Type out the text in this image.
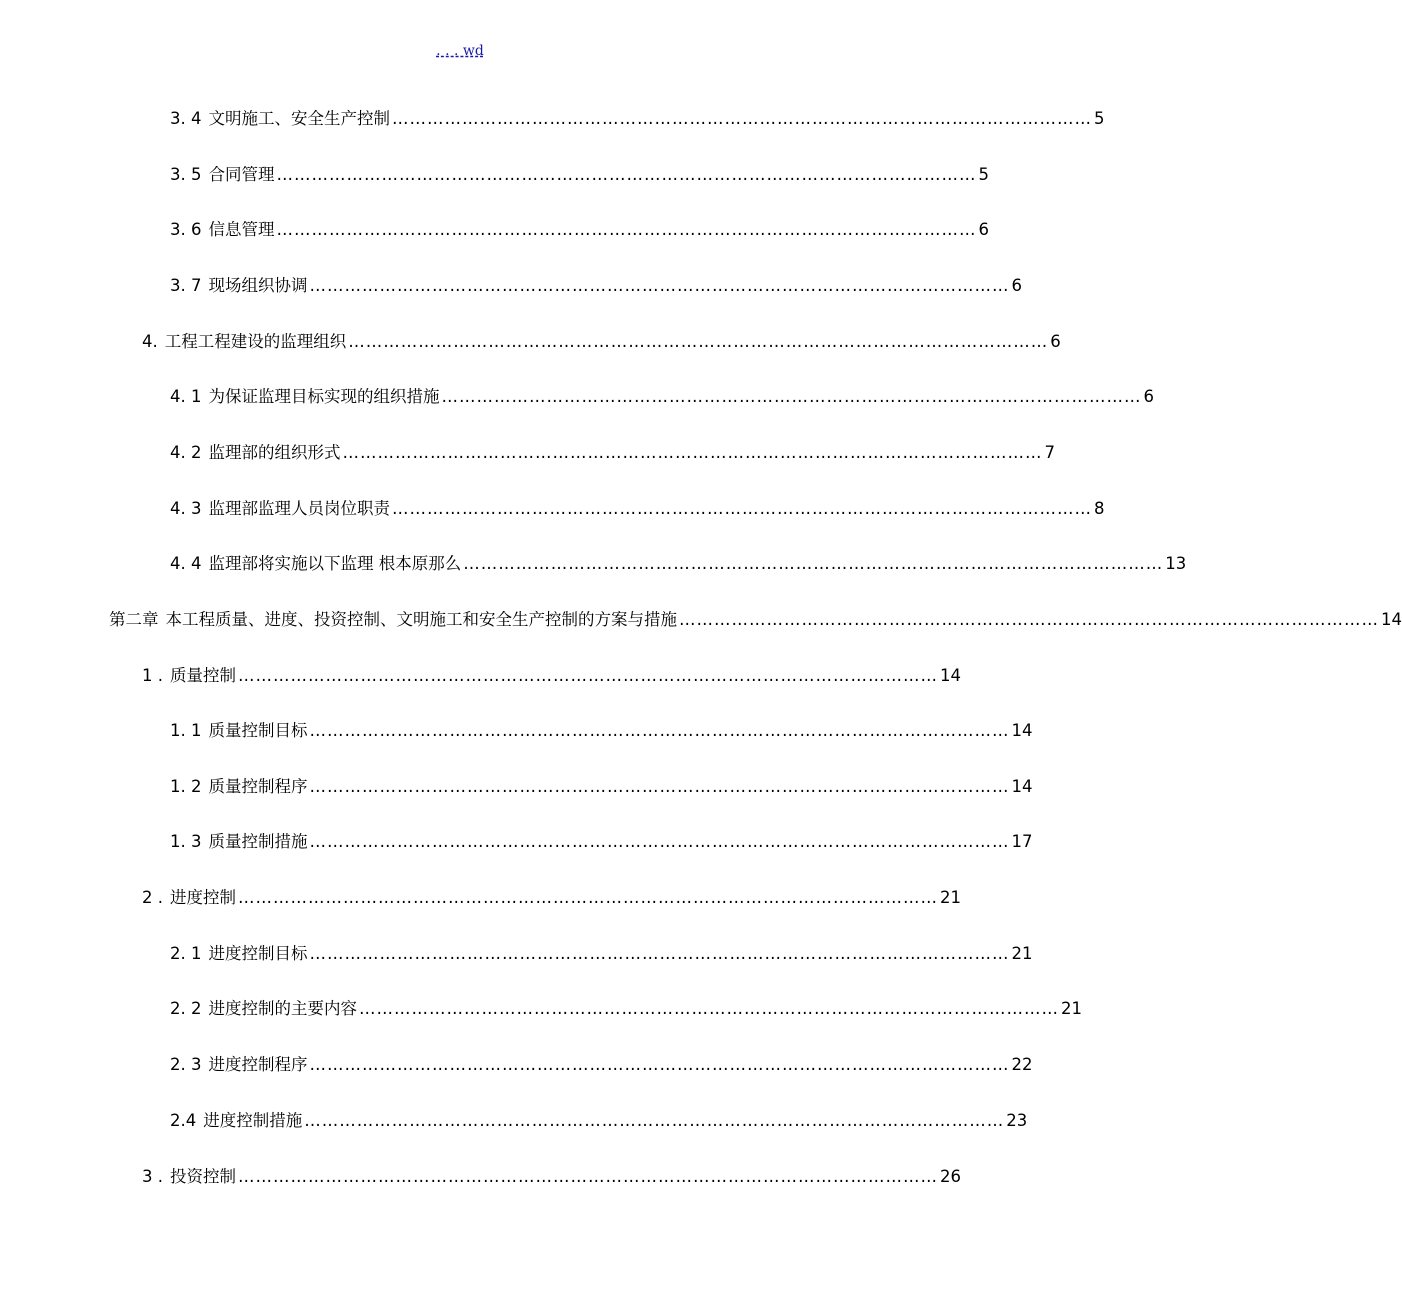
. . . wd
3. 4 文明施工、安全生产控制 ………………………………………………………………………………………………………… 5
3. 5 合同管理 ………………………………………………………………………………………………………… 5
3. 6 信息管理 ………………………………………………………………………………………………………… 6
3. 7 现场组织协调 ………………………………………………………………………………………………………… 6
4. 工程工程建设的监理组织 ………………………………………………………………………………………………………… 6
4. 1 为保证监理目标实现的组织措施 ………………………………………………………………………………………………………… 6
4. 2 监理部的组织形式 ………………………………………………………………………………………………………… 7
4. 3 监理部监理人员岗位职责 ………………………………………………………………………………………………………… 8
4. 4 监理部将实施以下监理 根本原那么 ………………………………………………………………………………………………………… 13
第二章 本工程质量、进度、投资控制、文明施工和安全生产控制的方案与措施 ………………………………………………………………………………………………………… 14
1 . 质量控制 ………………………………………………………………………………………………………… 14
1. 1 质量控制目标 ………………………………………………………………………………………………………… 14
1. 2 质量控制程序 ………………………………………………………………………………………………………… 14
1. 3 质量控制措施 ………………………………………………………………………………………………………… 17
2 . 进度控制 ………………………………………………………………………………………………………… 21
2. 1 进度控制目标 ………………………………………………………………………………………………………… 21
2. 2 进度控制的主要内容 ………………………………………………………………………………………………………… 21
2. 3 进度控制程序 ………………………………………………………………………………………………………… 22
2.4 进度控制措施 ………………………………………………………………………………………………………… 23
3 . 投资控制 ………………………………………………………………………………………………………… 26
